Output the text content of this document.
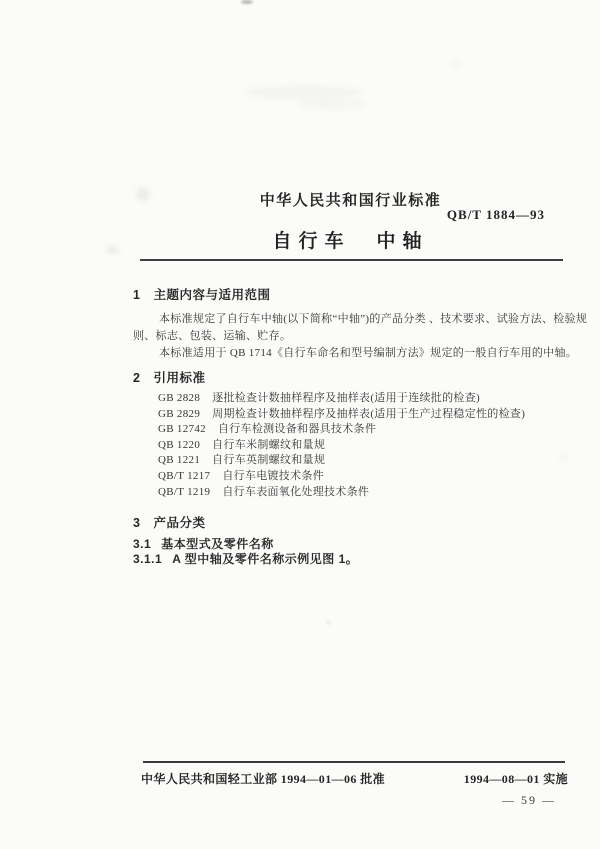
中华人民共和国行业标准
QB/T 1884—93
自行车　中轴
1 主题内容与适用范围
本标准规定了自行车中轴(以下简称“中轴”)的产品分类 、技术要求、试验方法、检验规
则、标志、包装、运输、贮存。
本标准适用于 QB 1714《自行车命名和型号编制方法》规定的一般自行车用的中轴。
2 引用标准
GB 2828 逐批检查计数抽样程序及抽样表(适用于连续批的检查)
GB 2829 周期检查计数抽样程序及抽样表(适用于生产过程稳定性的检查)
GB 12742 自行车检测设备和器具技术条件
QB 1220 自行车米制螺纹和量规
QB 1221 自行车英制螺纹和量规
QB/T 1217 自行车电镀技术条件
QB/T 1219 自行车表面氧化处理技术条件
3 产品分类
3.1 基本型式及零件名称
3.1.1 A 型中轴及零件名称示例见图 1。
中华人民共和国轻工业部 1994—01—06 批准	1994—08—01 实施
— 59 —
